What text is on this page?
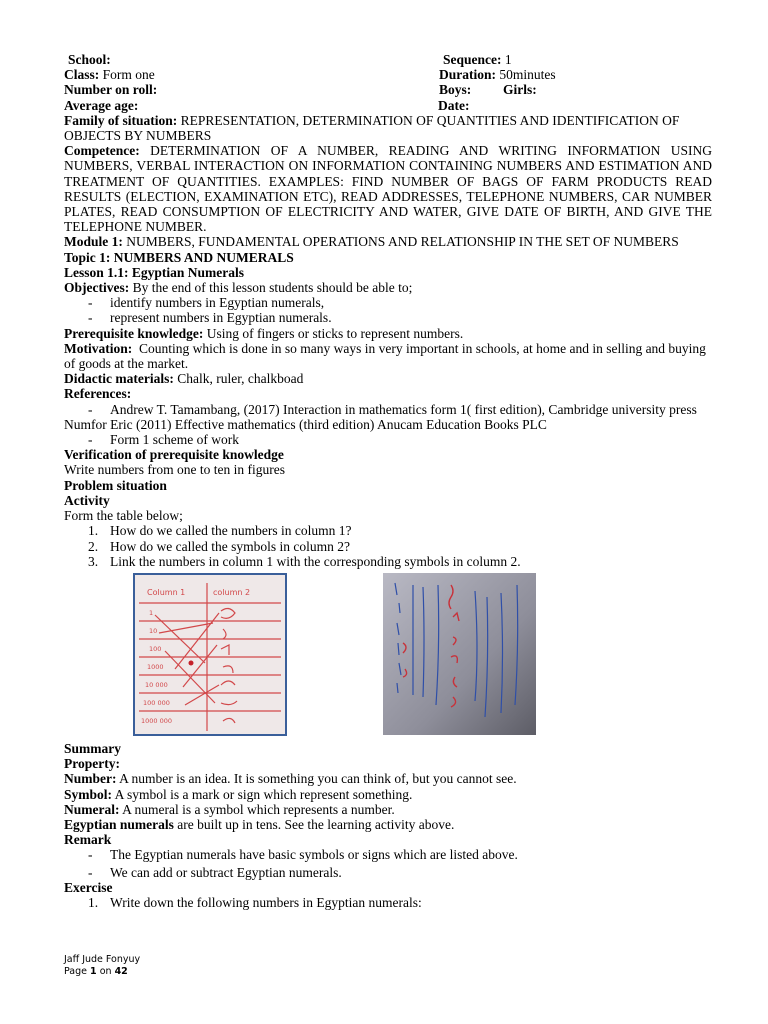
School:	Sequence: 1
Class: Form one	Duration: 50minutes
Number on roll:	Boys: Girls:
Average age:	Date:
Family of situation: REPRESENTATION, DETERMINATION OF QUANTITIES AND IDENTIFICATION OF OBJECTS BY NUMBERS
Competence: DETERMINATION OF A NUMBER, READING AND WRITING INFORMATION USING NUMBERS, VERBAL INTERACTION ON INFORMATION CONTAINING NUMBERS AND ESTIMATION AND TREATMENT OF QUANTITIES. EXAMPLES: FIND NUMBER OF BAGS OF FARM PRODUCTS READ RESULTS (ELECTION, EXAMINATION ETC), READ ADDRESSES, TELEPHONE NUMBERS, CAR NUMBER PLATES, READ CONSUMPTION OF ELECTRICITY AND WATER, GIVE DATE OF BIRTH, AND GIVE THE TELEPHONE NUMBER.
Module 1: NUMBERS, FUNDAMENTAL OPERATIONS AND RELATIONSHIP IN THE SET OF NUMBERS
Topic 1: NUMBERS AND NUMERALS
Lesson 1.1: Egyptian Numerals
Objectives: By the end of this lesson students should be able to;
- identify numbers in Egyptian numerals,
- represent numbers in Egyptian numerals.
Prerequisite knowledge: Using of fingers or sticks to represent numbers.
Motivation: Counting which is done in so many ways in very important in schools, at home and in selling and buying of goods at the market.
Didactic materials: Chalk, ruler, chalkboad
References:
- Andrew T. Tamambang, (2017) Interaction in mathematics form 1( first edition), Cambridge university press
Numfor Eric (2011) Effective mathematics (third edition) Anucam Education Books PLC
- Form 1 scheme of work
Verification of prerequisite knowledge
Write numbers from one to ten in figures
Problem situation
Activity
Form the table below;
1. How do we called the numbers in column 1?
2. How do we called the symbols in column 2?
3. Link the numbers in column 1 with the corresponding symbols in column 2.
Column 1	column 2
1
10
100
1000
10 000
100 000
1000 000
Summary
Property:
Number: A number is an idea. It is something you can think of, but you cannot see.
Symbol: A symbol is a mark or sign which represent something.
Numeral: A numeral is a symbol which represents a number.
Egyptian numerals are built up in tens. See the learning activity above.
Remark
- The Egyptian numerals have basic symbols or signs which are listed above.
- We can add or subtract Egyptian numerals.
Exercise
1. Write down the following numbers in Egyptian numerals:
Jaff Jude Fonyuy
Page 1 on 42
